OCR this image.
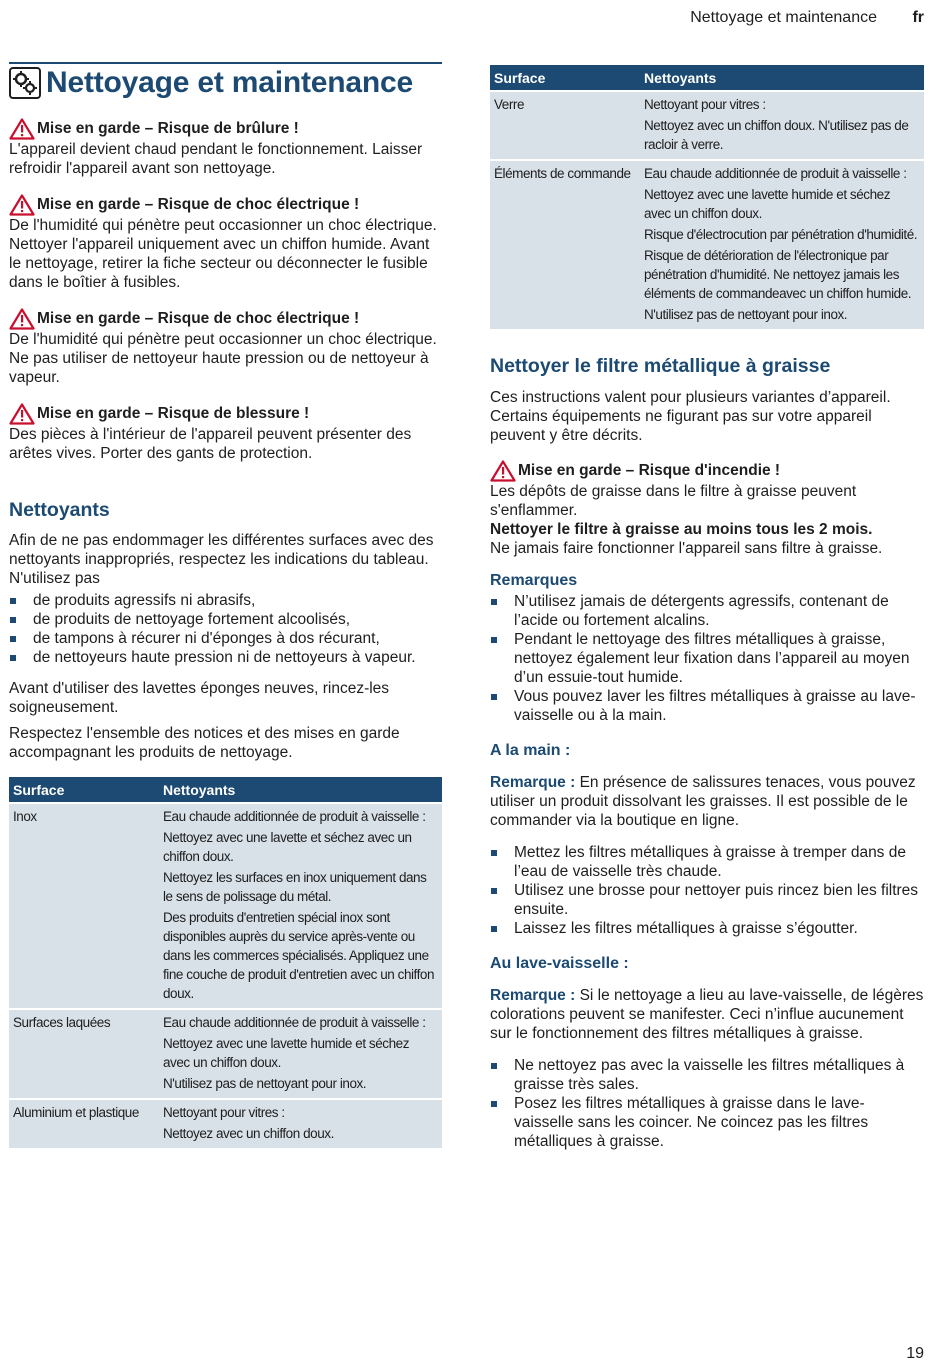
Nettoyage et maintenance fr
Nettoyage et maintenance
Mise en garde – Risque de brûlure !

L'appareil devient chaud pendant le fonctionnement. Laisser refroidir l'appareil avant son nettoyage.

Mise en garde – Risque de choc électrique !

De l'humidité qui pénètre peut occasionner un choc électrique. Nettoyer l'appareil uniquement avec un chiffon humide. Avant le nettoyage, retirer la fiche secteur ou déconnecter le fusible dans le boîtier à fusibles.

Mise en garde – Risque de choc électrique !

De l'humidité qui pénètre peut occasionner un choc électrique. Ne pas utiliser de nettoyeur haute pression ou de nettoyeur à vapeur.

Mise en garde – Risque de blessure !

Des pièces à l'intérieur de l'appareil peuvent présenter des arêtes vives. Porter des gants de protection.

Nettoyants

Afin de ne pas endommager les différentes surfaces avec des nettoyants inappropriés, respectez les indications du tableau. N'utilisez pas

de produits agressifs ni abrasifs,
de produits de nettoyage fortement alcoolisés,
de tampons à récurer ni d'éponges à dos récurant,
de nettoyeurs haute pression ni de nettoyeurs à vapeur.

Avant d'utiliser des lavettes éponges neuves, rincez-les soigneusement.

Respectez l'ensemble des notices et des mises en garde accompagnant les produits de nettoyage.

Surface	Nettoyants
Inox	Eau chaude additionnée de produit à vaisselle :
Nettoyez avec une lavette et séchez avec un chiffon doux.
Nettoyez les surfaces en inox uniquement dans le sens de polissage du métal.
Des produits d'entretien spécial inox sont disponibles auprès du service après-vente ou dans les commerces spécialisés. Appliquez une fine couche de produit d'entretien avec un chiffon doux.

Surfaces laquées	Eau chaude additionnée de produit à vaisselle :
Nettoyez avec une lavette humide et séchez avec un chiffon doux.
N'utilisez pas de nettoyant pour inox.

Aluminium et plastique	Nettoyant pour vitres :
Nettoyez avec un chiffon doux.
Surface	Nettoyants
Verre	Nettoyant pour vitres :
Nettoyez avec un chiffon doux. N'utilisez pas de racloir à verre.

Éléments de commande	Eau chaude additionnée de produit à vaisselle :
Nettoyez avec une lavette humide et séchez avec un chiffon doux.
Risque d'électrocution par pénétration d'humidité.
Risque de détérioration de l'électronique par pénétration d'humidité. Ne nettoyez jamais les éléments de commandeavec un chiffon humide.
N'utilisez pas de nettoyant pour inox.
Nettoyer le filtre métallique à graisse

Ces instructions valent pour plusieurs variantes d’appareil. Certains équipements ne figurant pas sur votre appareil peuvent y être décrits.

Mise en garde – Risque d'incendie !

Les dépôts de graisse dans le filtre à graisse peuvent s'enflammer.

Nettoyer le filtre à graisse au moins tous les 2 mois.

Ne jamais faire fonctionner l'appareil sans filtre à graisse.

Remarques
N’utilisez jamais de détergents agressifs, contenant de l’acide ou fortement alcalins.
Pendant le nettoyage des filtres métalliques à graisse, nettoyez également leur fixation dans l’appareil au moyen d’un essuie-tout humide.
Vous pouvez laver les filtres métalliques à graisse au lave-vaisselle ou à la main.
A la main :

Remarque : En présence de salissures tenaces, vous pouvez utiliser un produit dissolvant les graisses. Il est possible de le commander via la boutique en ligne.

Mettez les filtres métalliques à graisse à tremper dans de l’eau de vaisselle très chaude.
Utilisez une brosse pour nettoyer puis rincez bien les filtres ensuite.
Laissez les filtres métalliques à graisse s’égoutter.
Au lave-vaisselle :

Remarque : Si le nettoyage a lieu au lave-vaisselle, de légères colorations peuvent se manifester. Ceci n’influe aucunement sur le fonctionnement des filtres métalliques à graisse.

Ne nettoyez pas avec la vaisselle les filtres métalliques à graisse très sales.
Posez les filtres métalliques à graisse dans le lave-vaisselle sans les coincer. Ne coincez pas les filtres métalliques à graisse.
19
